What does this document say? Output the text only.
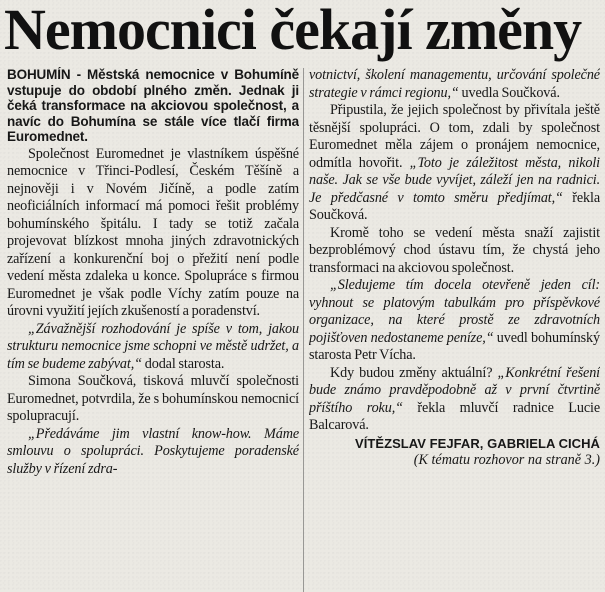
Nemocnici čekají změny

BOHUMÍN - Městská nemocnice v Bohumíně vstupuje do období plného změn. Jednak ji čeká transformace na akciovou společnost, a navíc do Bohumína se stále více tlačí firma Euromednet.

Společnost Euromednet je vlastníkem úspěšné nemocnice v Třinci-Podlesí, Českém Těšíně a nejnověji i v Novém Jičíně, a podle zatím neoficiálních informací má pomoci řešit problémy bohumínského špitálu. I tady se totiž začala projevovat blízkost mnoha jiných zdravotnických zařízení a konkurenční boj o přežití není podle vedení města zdaleka u konce. Spolupráce s firmou Euromednet je však podle Víchy zatím pouze na úrovni využití jejích zkušeností a poradenství.

„Závažnější rozhodování je spíše v tom, jakou strukturu nemocnice jsme schopni ve městě udržet, a tím se budeme zabývat,“ dodal starosta.

Simona Součková, tisková mluvčí společnosti Euromednet, potvrdila, že s bohumínskou nemocnicí spolupracují.

„Předáváme jim vlastní know-how. Máme smlouvu o spolupráci. Poskytujeme poradenské služby v řízení zdra-

votnictví, školení managementu, určování společné strategie v rámci regionu,“ uvedla Součková.

Připustila, že jejich společnost by přivítala ještě těsnější spolupráci. O tom, zdali by společnost Euromednet měla zájem o pronájem nemocnice, odmítla hovořit. „Toto je záležitost města, nikoli naše. Jak se vše bude vyvíjet, záleží jen na radnici. Je předčasné v tomto směru předjímat,“ řekla Součková.

Kromě toho se vedení města snaží zajistit bezproblémový chod ústavu tím, že chystá jeho transformaci na akciovou společnost.

„Sledujeme tím docela otevřeně jeden cíl: vyhnout se platovým tabulkám pro příspěvkové organizace, na které prostě ze zdravotních pojišťoven nedostaneme peníze,“ uvedl bohumínský starosta Petr Vícha.

Kdy budou změny aktuální? „Konkrétní řešení bude známo pravděpodobně až v první čtvrtině příštího roku,“ řekla mluvčí radnice Lucie Balcarová.

VÍTĚZSLAV FEJFAR, GABRIELA CICHÁ

(K tématu rozhovor na straně 3.)
